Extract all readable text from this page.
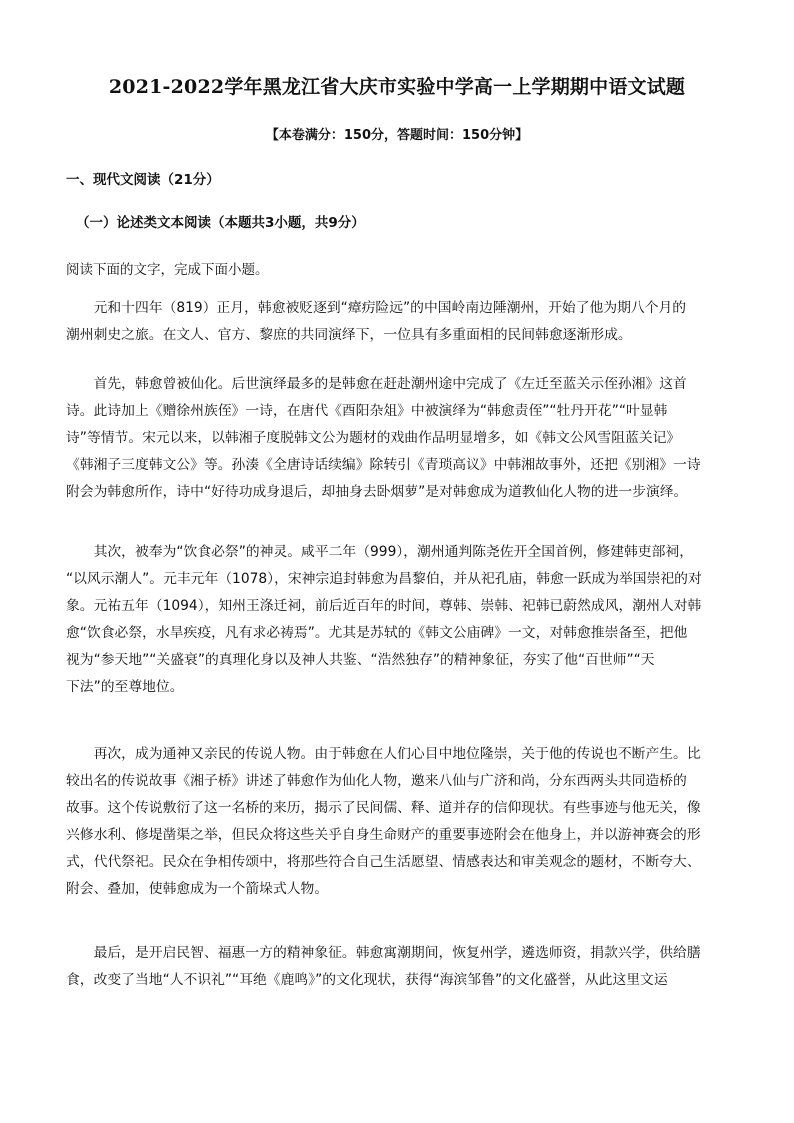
2021-2022学年黑龙江省大庆市实验中学高一上学期期中语文试题
【本卷满分：150分，答题时间：150分钟】
一、现代文阅读（21分）
（一）论述类文本阅读（本题共3小题，共9分）
阅读下面的文字，完成下面小题。
　　元和十四年（819）正月，韩愈被贬逐到“瘴疠险远”的中国岭南边陲潮州，开始了他为期八个月的
潮州刺史之旅。在文人、官方、黎庶的共同演绎下，一位具有多重面相的民间韩愈逐渐形成。
　　首先，韩愈曾被仙化。后世演绎最多的是韩愈在赶赴潮州途中完成了《左迁至蓝关示侄孙湘》这首
诗。此诗加上《赠徐州族侄》一诗，在唐代《酉阳杂俎》中被演绎为“韩愈责侄”“牡丹开花”“叶显韩
诗”等情节。宋元以来，以韩湘子度脱韩文公为题材的戏曲作品明显增多，如《韩文公风雪阻蓝关记》
《韩湘子三度韩文公》等。孙湊《全唐诗话续编》除转引《青琐高议》中韩湘故事外，还把《别湘》一诗
附会为韩愈所作，诗中“好待功成身退后，却抽身去卧烟萝”是对韩愈成为道教仙化人物的进一步演绎。
　　其次，被奉为“饮食必祭”的神灵。咸平二年（999），潮州通判陈尧佐开全国首例，修建韩吏部祠，
“以风示潮人”。元丰元年（1078），宋神宗追封韩愈为昌黎伯，并从祀孔庙，韩愈一跃成为举国崇祀的对
象。元祐五年（1094），知州王涤迁祠，前后近百年的时间，尊韩、崇韩、祀韩已蔚然成风，潮州人对韩
愈“饮食必祭，水旱疾疫，凡有求必祷焉”。尤其是苏轼的《韩文公庙碑》一文，对韩愈推崇备至，把他
视为“参天地”“关盛衰”的真理化身以及神人共鉴、“浩然独存”的精神象征，夯实了他“百世师”“天
下法”的至尊地位。
　　再次，成为通神又亲民的传说人物。由于韩愈在人们心目中地位隆崇，关于他的传说也不断产生。比
较出名的传说故事《湘子桥》讲述了韩愈作为仙化人物，邀来八仙与广济和尚，分东西两头共同造桥的
故事。这个传说敷衍了这一名桥的来历，揭示了民间儒、释、道并存的信仰现状。有些事迹与他无关，像
兴修水利、修堤凿渠之举，但民众将这些关乎自身生命财产的重要事迹附会在他身上，并以游神赛会的形
式，代代祭祀。民众在争相传颂中，将那些符合自己生活愿望、情感表达和审美观念的题材，不断夸大、
附会、叠加，使韩愈成为一个箭垛式人物。
　　最后，是开启民智、福惠一方的精神象征。韩愈寓潮期间，恢复州学，遴选师资，捐款兴学，供给膳
食，改变了当地“人不识礼”“耳绝《鹿鸣》”的文化现状，获得“海滨邹鲁”的文化盛誉，从此这里文运
